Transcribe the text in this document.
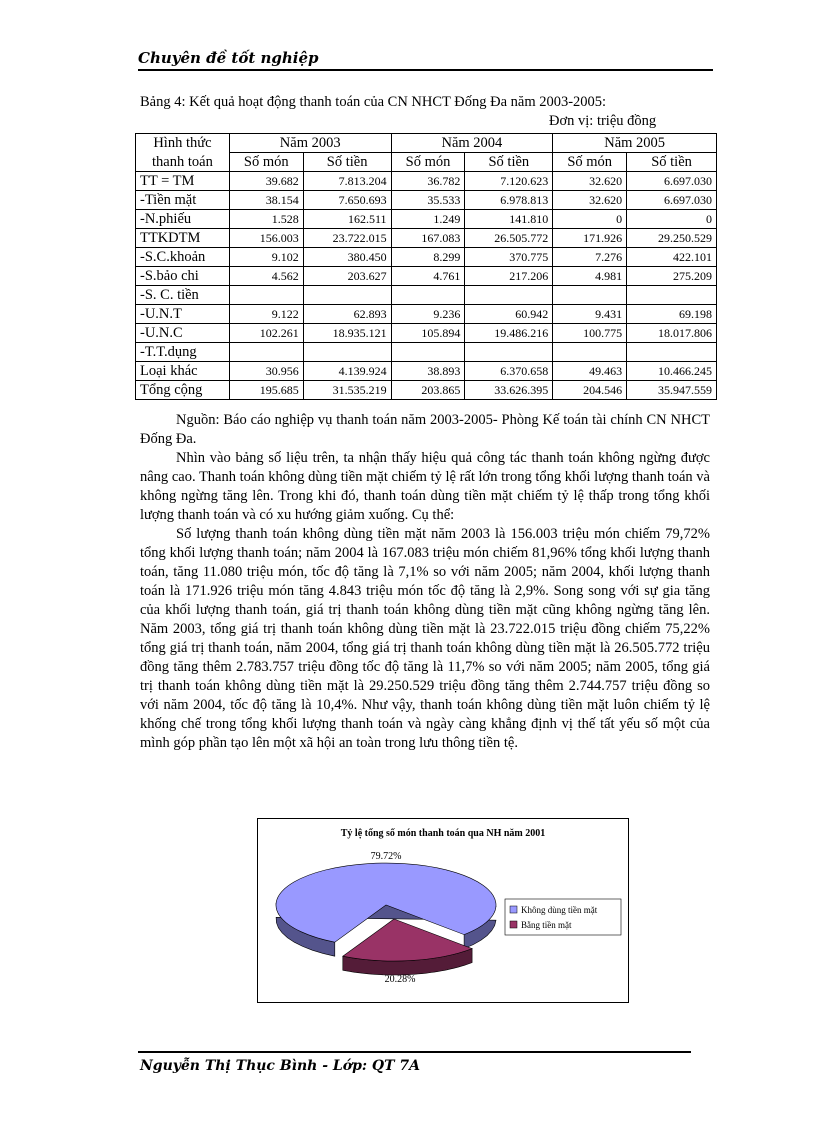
Chuyên đề tốt nghiệp
Bảng 4: Kết quả hoạt động thanh toán của CN NHCT Đống Đa năm 2003-2005:
Đơn vị: triệu đồng
Hình thức	Năm 2003		Năm 2004		Năm 2005	
thanh toán	Số món	Số tiền	Số món	Số tiền	Số món	Số tiền
TT = TM	39.682	7.813.204	36.782	7.120.623	32.620	6.697.030
-Tiền mặt	38.154	7.650.693	35.533	6.978.813	32.620	6.697.030
-N.phiếu	1.528	162.511	1.249	141.810	0	0
TTKDTM	156.003	23.722.015	167.083	26.505.772	171.926	29.250.529
-S.C.khoản	9.102	380.450	8.299	370.775	7.276	422.101
-S.bảo chi	4.562	203.627	4.761	217.206	4.981	275.209
-S. C. tiền						
-U.N.T	9.122	62.893	9.236	60.942	9.431	69.198
-U.N.C	102.261	18.935.121	105.894	19.486.216	100.775	18.017.806
-T.T.dụng						
Loại khác	30.956	4.139.924	38.893	6.370.658	49.463	10.466.245
Tổng cộng	195.685	31.535.219	203.865	33.626.395	204.546	35.947.559

Nguồn: Báo cáo nghiệp vụ thanh toán năm 2003-2005- Phòng Kế toán tài chính CN NHCT Đống Đa.

Nhìn vào bảng số liệu trên, ta nhận thấy hiệu quả công tác thanh toán không ngừng được nâng cao. Thanh toán không dùng tiền mặt chiếm tỷ lệ rất lớn trong tổng khối lượng thanh toán và không ngừng tăng lên. Trong khi đó, thanh toán dùng tiền mặt chiếm tỷ lệ thấp trong tổng khối lượng thanh toán và có xu hướng giảm xuống. Cụ thể:

Số lượng thanh toán không dùng tiền mặt năm 2003 là 156.003 triệu món chiếm 79,72% tổng khối lượng thanh toán; năm 2004 là 167.083 triệu món chiếm 81,96% tổng khối lượng thanh toán, tăng 11.080 triệu món, tốc độ tăng là 7,1% so với năm 2005; năm 2004, khối lượng thanh toán là 171.926 triệu món tăng 4.843 triệu món tốc độ tăng là 2,9%. Song song với sự gia tăng của khối lượng thanh toán, giá trị thanh toán không dùng tiền mặt cũng không ngừng tăng lên. Năm 2003, tổng giá trị thanh toán không dùng tiền mặt là 23.722.015 triệu đồng chiếm 75,22% tổng giá trị thanh toán, năm 2004, tổng giá trị thanh toán không dùng tiền mặt là 26.505.772 triệu đồng tăng thêm 2.783.757 triệu đồng tốc độ tăng là 11,7% so với năm 2005; năm 2005, tổng giá trị thanh toán không dùng tiền mặt là 29.250.529 triệu đồng tăng thêm 2.744.757 triệu đồng so với năm 2004, tốc độ tăng là 10,4%. Như vậy, thanh toán không dùng tiền mặt luôn chiếm tỷ lệ khống chế trong tổng khối lượng thanh toán và ngày càng khẳng định vị thế tất yếu số một của mình góp phần tạo lên một xã hội an toàn trong lưu thông tiền tệ.

Tỷ lệ tổng số món thanh toán qua NH năm 2001
79.72%
20.28%
Không dùng tiền mặt
Bằng tiền mặt
Nguyễn Thị Thục Bình - Lớp: QT 7A
